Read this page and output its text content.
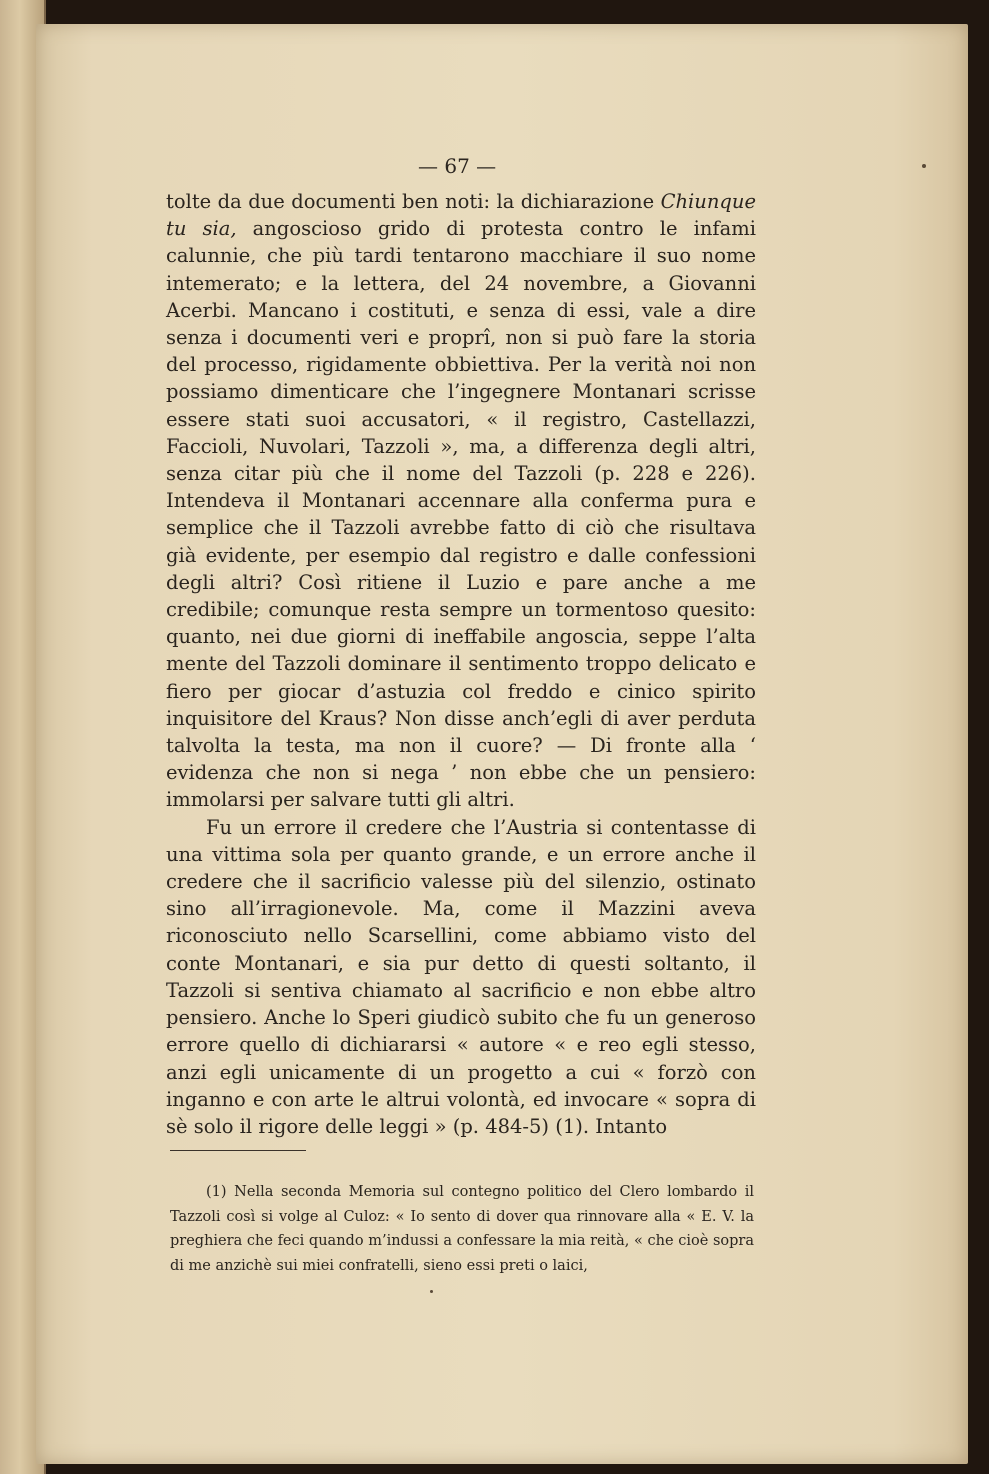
— 67 —

tolte da due documenti ben noti: la dichiarazione Chiunque tu sia, angoscioso grido di protesta contro le infami calunnie, che più tardi tentarono macchiare il suo nome intemerato; e la lettera, del 24 novembre, a Giovanni Acerbi. Mancano i costituti, e senza di essi, vale a dire senza i documenti veri e proprî, non si può fare la storia del processo, rigidamente obbiettiva. Per la verità noi non possiamo dimenticare che l’ingegnere Montanari scrisse essere stati suoi accusatori, « il registro, Castellazzi, Faccioli, Nuvolari, Tazzoli », ma, a differenza degli altri, senza citar più che il nome del Tazzoli (p. 228 e 226). Intendeva il Montanari accennare alla conferma pura e semplice che il Tazzoli avrebbe fatto di ciò che risultava già evidente, per esempio dal registro e dalle confessioni degli altri? Così ritiene il Luzio e pare anche a me credibile; comunque resta sempre un tormentoso quesito: quanto, nei due giorni di ineffabile angoscia, seppe l’alta mente del Tazzoli dominare il sentimento troppo delicato e fiero per giocar d’astuzia col freddo e cinico spirito inquisitore del Kraus? Non disse anch’egli di aver perduta talvolta la testa, ma non il cuore? — Di fronte alla ‘ evidenza che non si nega ’ non ebbe che un pensiero: immolarsi per salvare tutti gli altri.

Fu un errore il credere che l’Austria si contentasse di una vittima sola per quanto grande, e un errore anche il credere che il sacrificio valesse più del silenzio, ostinato sino all’irragionevole. Ma, come il Mazzini aveva riconosciuto nello Scarsellini, come abbiamo visto del conte Montanari, e sia pur detto di questi soltanto, il Tazzoli si sentiva chiamato al sacrificio e non ebbe altro pensiero. Anche lo Speri giudicò subito che fu un generoso errore quello di dichiararsi « autore « e reo egli stesso, anzi egli unicamente di un progetto a cui « forzò con inganno e con arte le altrui volontà, ed invocare « sopra di sè solo il rigore delle leggi » (p. 484-5) (1). Intanto

(1) Nella seconda Memoria sul contegno politico del Clero lombardo il Tazzoli così si volge al Culoz: « Io sento di dover qua rinnovare alla « E. V. la preghiera che feci quando m’indussi a confessare la mia reità, « che cioè sopra di me anzichè sui miei confratelli, sieno essi preti o laici,
